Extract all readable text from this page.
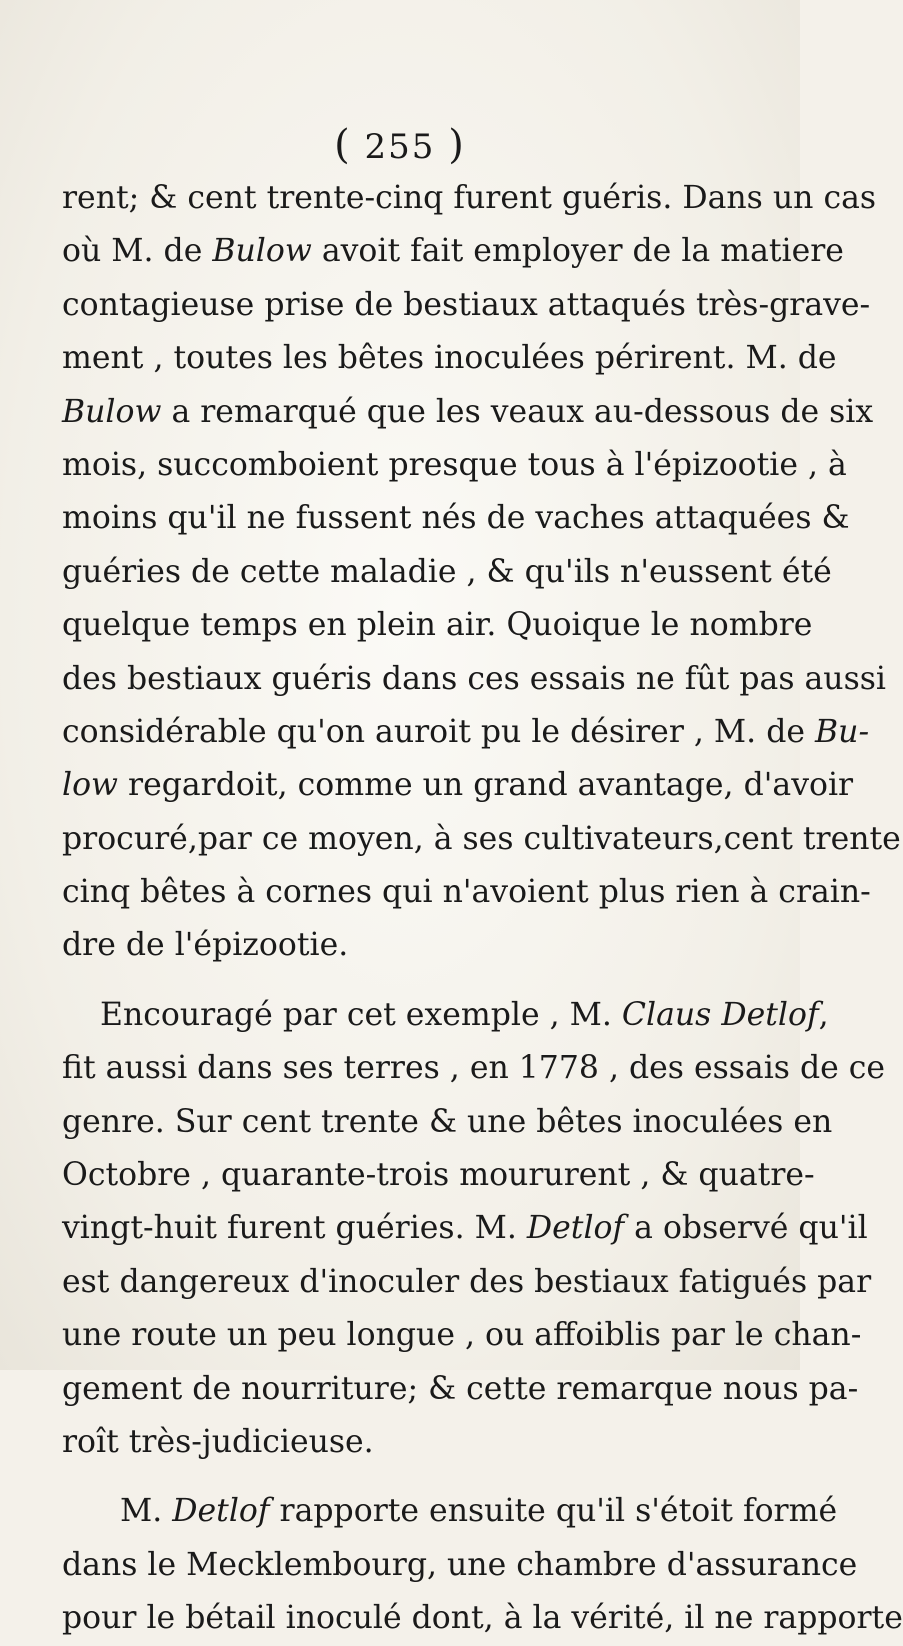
( 255 )
rent; & cent trente-cinq furent guéris. Dans un cas
où M. de Bulow avoit fait employer de la matiere
contagieuse prise de bestiaux attaqués très-grave-
ment , toutes les bêtes inoculées périrent. M. de
Bulow a remarqué que les veaux au-dessous de six
mois, succomboient presque tous à l'épizootie , à
moins qu'il ne fussent nés de vaches attaquées &
guéries de cette maladie , & qu'ils n'eussent été
quelque temps en plein air. Quoique le nombre
des bestiaux guéris dans ces essais ne fût pas aussi
considérable qu'on auroit pu le désirer , M. de Bu-
low regardoit, comme un grand avantage, d'avoir
procuré,par ce moyen, à ses cultivateurs,cent trente
cinq bêtes à cornes qui n'avoient plus rien à crain-
dre de l'épizootie.
Encouragé par cet exemple , M. Claus Detlof,
fit aussi dans ses terres , en 1778 , des essais de ce
genre. Sur cent trente & une bêtes inoculées en
Octobre , quarante-trois moururent , & quatre-
vingt-huit furent guéries. M. Detlof a observé qu'il
est dangereux d'inoculer des bestiaux fatigués par
une route un peu longue , ou affoiblis par le chan-
gement de nourriture; & cette remarque nous pa-
roît très-judicieuse.
M. Detlof rapporte ensuite qu'il s'étoit formé
dans le Mecklembourg, une chambre d'assurance
pour le bétail inoculé dont, à la vérité, il ne rapporte
